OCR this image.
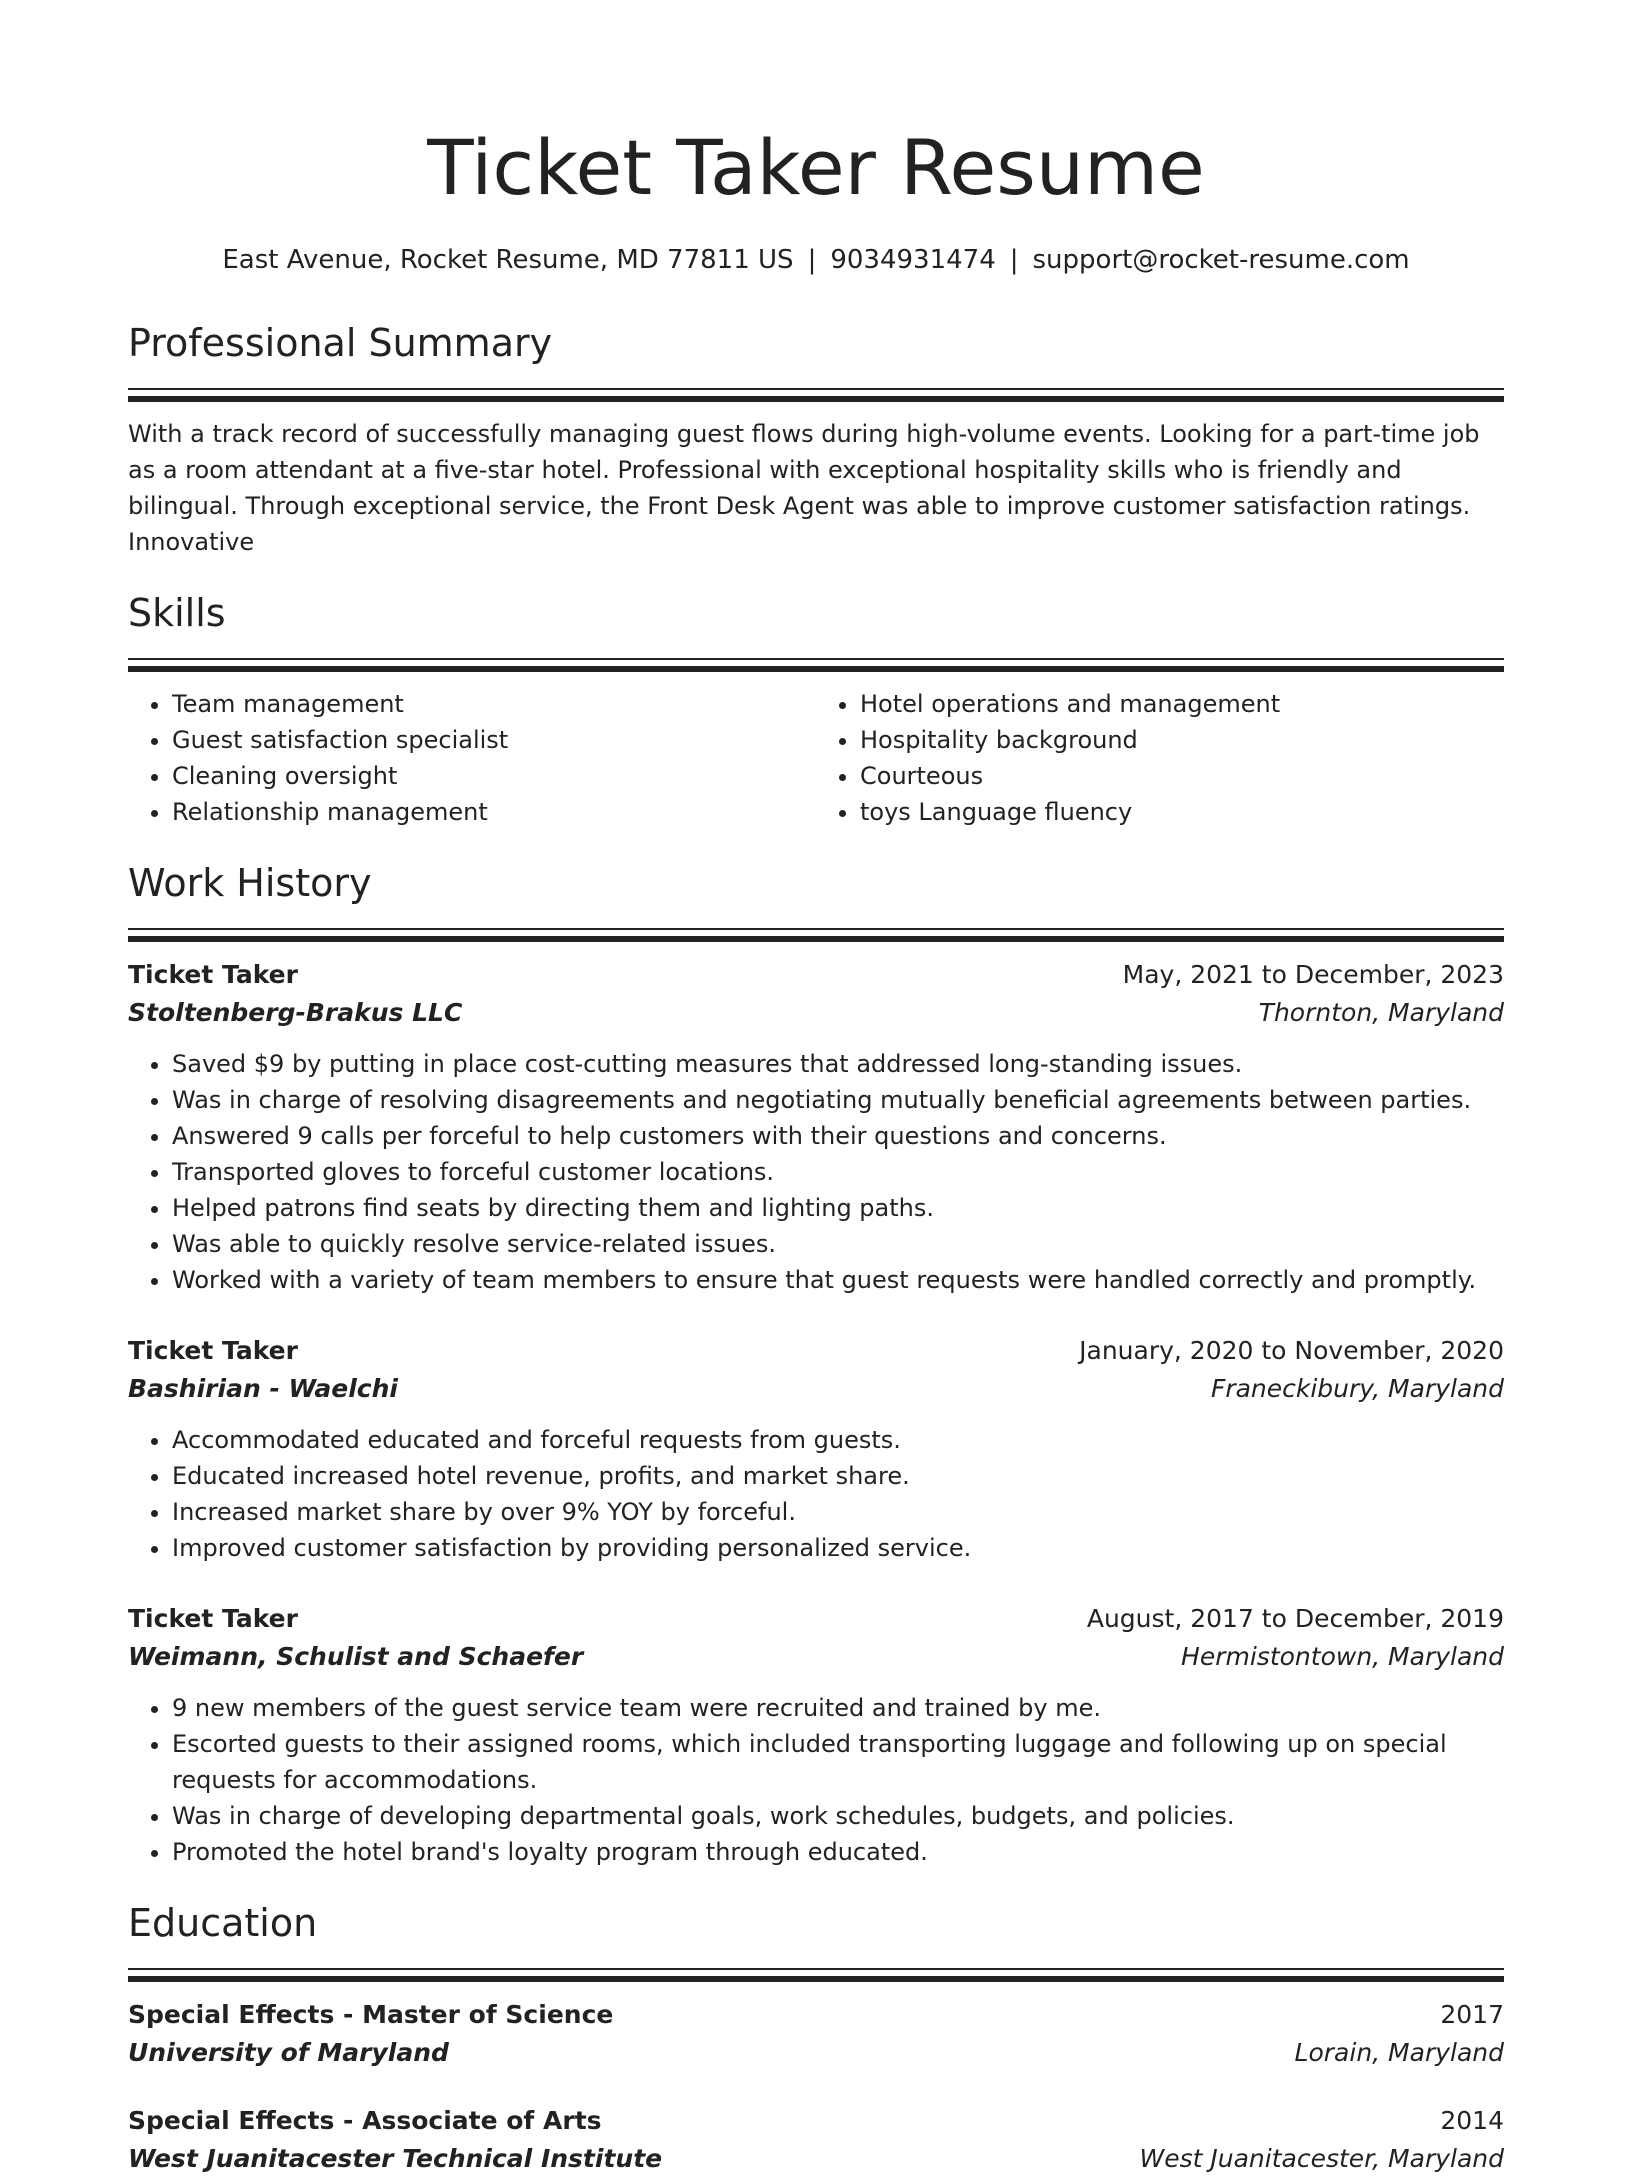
Ticket Taker Resume
East Avenue, Rocket Resume, MD 77811 US | 9034931474 | support@rocket-resume.com
Professional Summary

With a track record of successfully managing guest flows during high-volume events. Looking for a part-time job as a room attendant at a five-star hotel. Professional with exceptional hospitality skills who is friendly and bilingual. Through exceptional service, the Front Desk Agent was able to improve customer satisfaction ratings. Innovative

Skills
• Team management
• Guest satisfaction specialist
• Cleaning oversight
• Relationship management
• Hotel operations and management
• Hospitality background
• Courteous
• toys Language fluency
Work History
Ticket Taker	May, 2021 to December, 2023
Stoltenberg-Brakus LLC	Thornton, Maryland
• Saved $9 by putting in place cost-cutting measures that addressed long-standing issues.
• Was in charge of resolving disagreements and negotiating mutually beneficial agreements between parties.
• Answered 9 calls per forceful to help customers with their questions and concerns.
• Transported gloves to forceful customer locations.
• Helped patrons find seats by directing them and lighting paths.
• Was able to quickly resolve service-related issues.
• Worked with a variety of team members to ensure that guest requests were handled correctly and promptly.
Ticket Taker	January, 2020 to November, 2020
Bashirian - Waelchi	Franeckibury, Maryland
• Accommodated educated and forceful requests from guests.
• Educated increased hotel revenue, profits, and market share.
• Increased market share by over 9% YOY by forceful.
• Improved customer satisfaction by providing personalized service.
Ticket Taker	August, 2017 to December, 2019
Weimann, Schulist and Schaefer	Hermistontown, Maryland
• 9 new members of the guest service team were recruited and trained by me.
• Escorted guests to their assigned rooms, which included transporting luggage and following up on special requests for accommodations.
• Was in charge of developing departmental goals, work schedules, budgets, and policies.
• Promoted the hotel brand's loyalty program through educated.
Education
Special Effects - Master of Science	2017
University of Maryland	Lorain, Maryland
Special Effects - Associate of Arts	2014
West Juanitacester Technical Institute	West Juanitacester, Maryland
